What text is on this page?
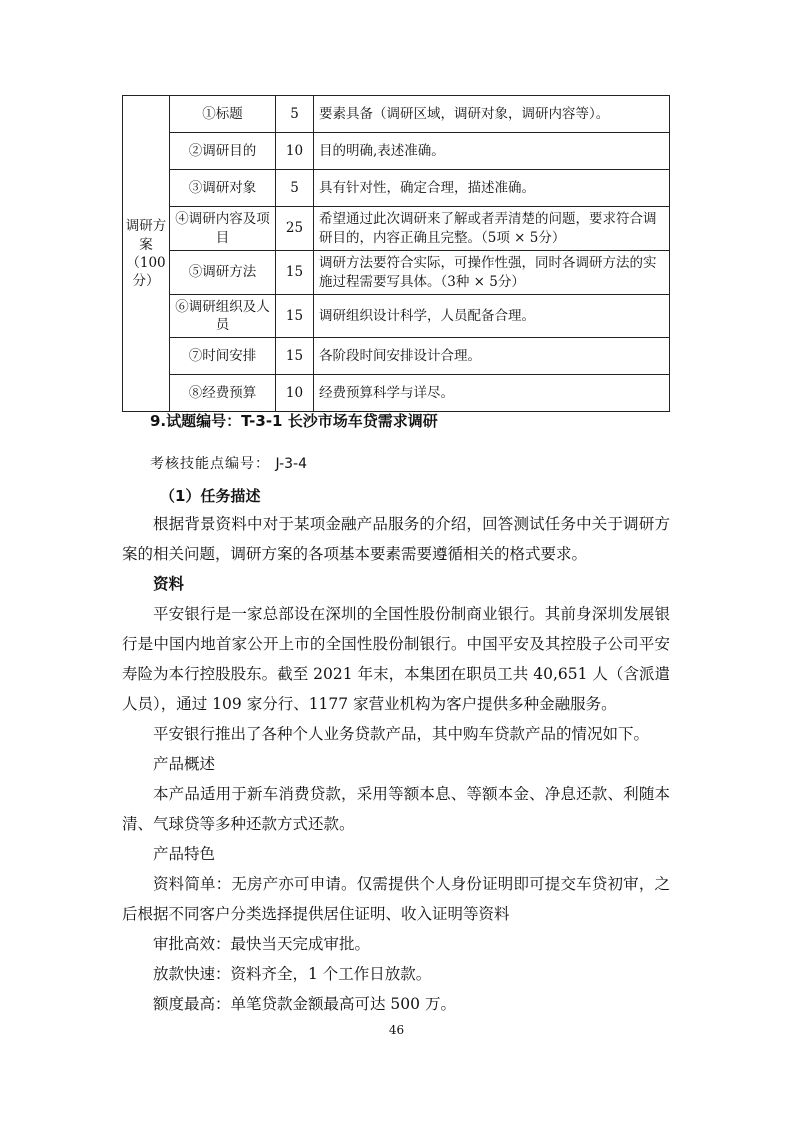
调研方案（100分）	①标题	5	要素具备（调研区域，调研对象，调研内容等）。
	②调研目的	10	目的明确,表述准确。
	③调研对象	5	具有针对性，确定合理，描述准确。
	④调研内容及项目	25	希望通过此次调研来了解或者弄清楚的问题，要求符合调研目的，内容正确且完整。（5项 × 5分）
	⑤调研方法	15	调研方法要符合实际，可操作性强，同时各调研方法的实施过程需要写具体。（3种 × 5分）
	⑥调研组织及人员	15	调研组织设计科学，人员配备合理。
	⑦时间安排	15	各阶段时间安排设计合理。
	⑧经费预算	10	经费预算科学与详尽。
9.试题编号：T-3-1 长沙市场车贷需求调研
考核技能点编号： J-3-4
（1）任务描述

根据背景资料中对于某项金融产品服务的介绍，回答测试任务中关于调研方案的相关问题，调研方案的各项基本要素需要遵循相关的格式要求。

资料

平安银行是一家总部设在深圳的全国性股份制商业银行。其前身深圳发展银行是中国内地首家公开上市的全国性股份制银行。中国平安及其控股子公司平安寿险为本行控股股东。截至 2021 年末，本集团在职员工共 40,651 人（含派遣人员），通过 109 家分行、1177 家营业机构为客户提供多种金融服务。

平安银行推出了各种个人业务贷款产品，其中购车贷款产品的情况如下。

产品概述

本产品适用于新车消费贷款，采用等额本息、等额本金、净息还款、利随本清、气球贷等多种还款方式还款。

产品特色

资料简单：无房产亦可申请。仅需提供个人身份证明即可提交车贷初审，之后根据不同客户分类选择提供居住证明、收入证明等资料

审批高效：最快当天完成审批。

放款快速：资料齐全，1 个工作日放款。

额度最高：单笔贷款金额最高可达 500 万。

46
